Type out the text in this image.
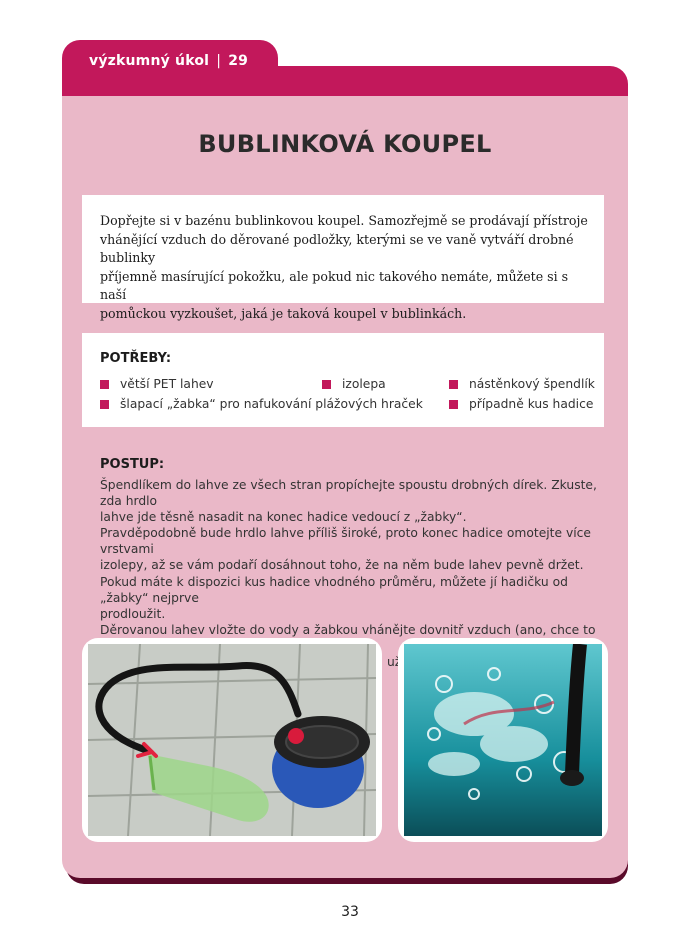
výzkumný úkol | 29
BUBLINKOVÁ KOUPEL
Dopřejte si v bazénu bublinkovou koupel. Samozřejmě se prodávají přístroje
vhánějící vzduch do děrované podložky, kterými se ve vaně vytváří drobné bublinky
příjemně masírující pokožku, ale pokud nic takového nemáte, můžete si s naší
pomůckou vyzkoušet, jaká je taková koupel v bublinkách.
POTŘEBY:
větší PET lahev	izolepa	nástěnkový špendlík
šlapací „žabka“ pro nafukování plážových hraček	případně kus hadice
POSTUP:

Špendlíkem do lahve ze všech stran propíchejte spoustu drobných dírek. Zkuste, zda hrdlo

lahve jde těsně nasadit na konec hadice vedoucí z „žabky“.

Pravděpodobně bude hrdlo lahve příliš široké, proto konec hadice omotejte více vrstvami

izolepy, až se vám podaří dosáhnout toho, že na něm bude lahev pevně držet.

Pokud máte k dispozici kus hadice vhodného průměru, můžete jí hadičku od „žabky“ nejprve

prodloužit.

Děrovanou lahev vložte do vody a žabkou vhánějte dovnitř vzduch (ano, chce to

33
